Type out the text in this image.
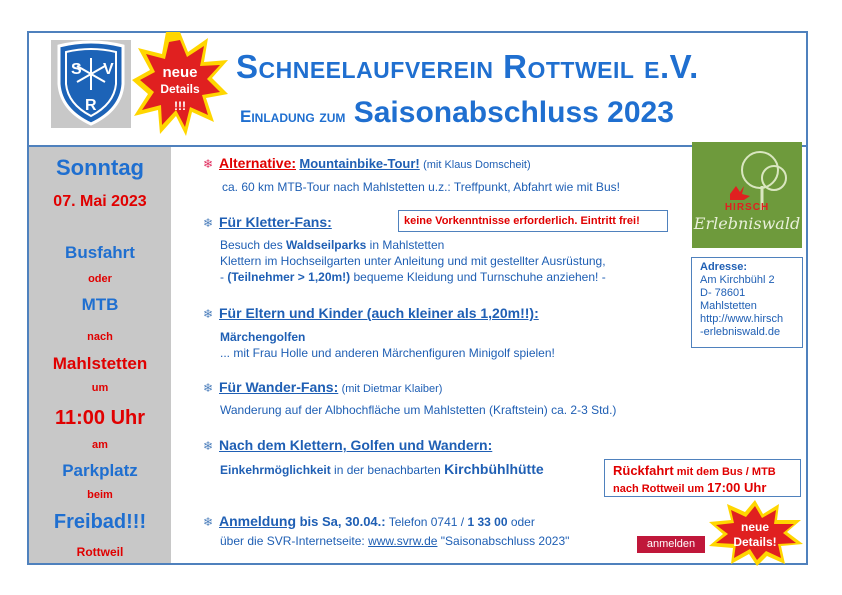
S V
R
neue
Details
!!!
Schneelaufverein Rottweil e.V.
Einladung zum Saisonabschluss 2023
Sonntag
07. Mai 2023
Busfahrt
oder
MTB
nach
Mahlstetten
um
11:00 Uhr
am
Parkplatz
beim
Freibad!!!
Rottweil
❄ Alternative: Mountainbike-Tour! (mit Klaus Domscheit)
ca. 60 km MTB-Tour nach Mahlstetten u.z.: Treffpunkt, Abfahrt wie mit Bus!
❄ Für Kletter-Fans:	keine Vorkenntnisse erforderlich. Eintritt frei!
Besuch des Waldseilparks in Mahlstetten
Klettern im Hochseilgarten unter Anleitung und mit gestellter Ausrüstung,
- (Teilnehmer > 1,20m!) bequeme Kleidung und Turnschuhe anziehen! -
HIRSCH
Erlebniswald
Adresse:
Am Kirchbühl 2
D- 78601
Mahlstetten
http://www.hirsch
-erlebniswald.de
❄ Für Eltern und Kinder (auch kleiner als 1,20m!!):
Märchengolfen
... mit Frau Holle und anderen Märchenfiguren Minigolf spielen!
❄ Für Wander-Fans: (mit Dietmar Klaiber)
Wanderung auf der Albhochfläche um Mahlstetten (Kraftstein) ca. 2-3 Std.)
❄ Nach dem Klettern, Golfen und Wandern:
Einkehrmöglichkeit in der benachbarten Kirchbühlhütte	Rückfahrt mit dem Bus / MTB
nach Rottweil um 17:00 Uhr
❄ Anmeldung bis Sa, 30.04.: Telefon 0741 / 1 33 00 oder
über die SVR-Internetseite: www.svrw.de "Saisonabschluss 2023"	anmelden
neue
Details!
